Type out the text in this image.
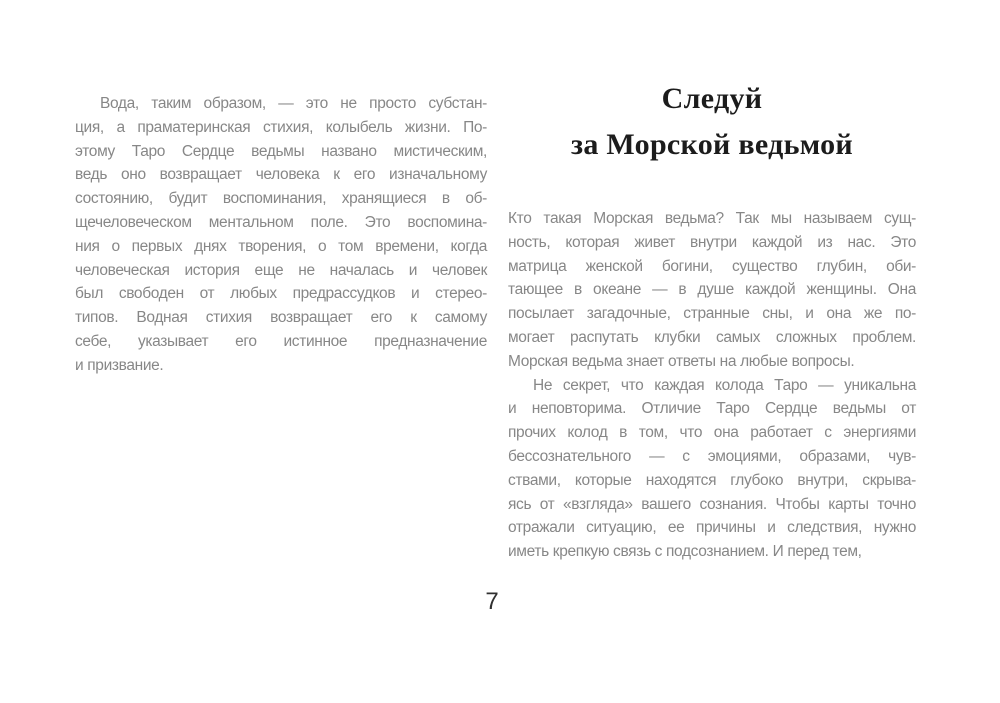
Вода, таким образом, — это не просто субстан-
ция, а праматеринская стихия, колыбель жизни. По-
этому Таро Сердце ведьмы названо мистическим,
ведь оно возвращает человека к его изначальному
состоянию, будит воспоминания, хранящиеся в об-
щечеловеческом ментальном поле. Это воспомина-
ния о первых днях творения, о том времени, когда
человеческая история еще не началась и человек
был свободен от любых предрассудков и стерео-
типов. Водная стихия возвращает его к самому
себе, указывает его истинное предназначение
и призвание.
Следуй
за Морской ведьмой
Кто такая Морская ведьма? Так мы называем сущ-
ность, которая живет внутри каждой из нас. Это
матрица женской богини, существо глубин, оби-
тающее в океане — в душе каждой женщины. Она
посылает загадочные, странные сны, и она же по-
могает распутать клубки самых сложных проблем.
Морская ведьма знает ответы на любые вопросы.
Не секрет, что каждая колода Таро — уникальна
и неповторима. Отличие Таро Сердце ведьмы от
прочих колод в том, что она работает с энергиями
бессознательного — с эмоциями, образами, чув-
ствами, которые находятся глубоко внутри, скрыва-
ясь от «взгляда» вашего сознания. Чтобы карты точно
отражали ситуацию, ее причины и следствия, нужно
иметь крепкую связь с подсознанием. И перед тем,
7
